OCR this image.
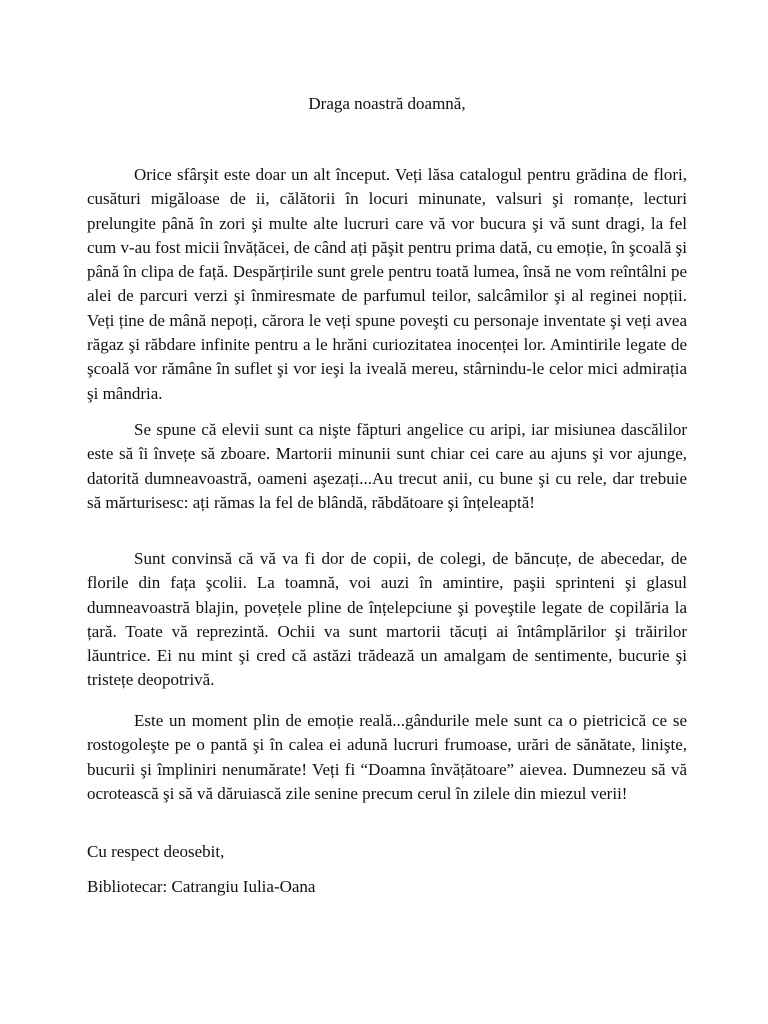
Draga noastră doamnă,

Orice sfârşit este doar un alt început. Veți lăsa catalogul pentru grădina de flori, cusături migăloase de ii, călătorii în locuri minunate, valsuri şi romanțe, lecturi prelungite până în zori şi multe alte lucruri care vă vor bucura şi vă sunt dragi, la fel cum v-au fost micii învățăcei, de când ați păşit pentru prima dată, cu emoție, în şcoală şi până în clipa de față. Despărțirile sunt grele pentru toată lumea, însă ne vom reîntâlni pe alei de parcuri verzi şi înmiresmate de parfumul teilor, salcâmilor şi al reginei nopții. Veți ține de mână nepoți, cărora le veți spune poveşti cu personaje inventate şi veți avea răgaz şi răbdare infinite pentru a le hrăni curiozitatea inocenței lor. Amintirile legate de şcoală vor rămâne în suflet şi vor ieşi la iveală mereu, stârnindu-le celor mici admirația şi mândria.

Se spune că elevii sunt ca nişte făpturi angelice cu aripi, iar misiunea dascălilor este să îi învețe să zboare. Martorii minunii sunt chiar cei care au ajuns şi vor ajunge, datorită dumneavoastră, oameni aşezați...Au trecut anii, cu bune şi cu rele, dar trebuie să mărturisesc: ați rămas la fel de blândă, răbdătoare şi înțeleaptă!

Sunt convinsă că vă va fi dor de copii, de colegi, de băncuțe, de abecedar, de florile din fața şcolii. La toamnă, voi auzi în amintire, paşii sprinteni şi glasul dumneavoastră blajin, povețele pline de înțelepciune şi poveştile legate de copilăria la țară. Toate vă reprezintă. Ochii va sunt martorii tăcuți ai întâmplărilor şi trăirilor lăuntrice. Ei nu mint şi cred că astăzi trădează un amalgam de sentimente, bucurie şi tristețe deopotrivă.

Este un moment plin de emoție reală...gândurile mele sunt ca o pietricică ce se rostogoleşte pe o pantă şi în calea ei adună lucruri frumoase, urări de sănătate, linişte, bucurii şi împliniri nenumărate! Veți fi “Doamna învățătoare” aievea. Dumnezeu să vă ocrotească şi să vă dăruiască zile senine precum cerul în zilele din miezul verii!

Cu respect deosebit,

Bibliotecar: Catrangiu Iulia-Oana
